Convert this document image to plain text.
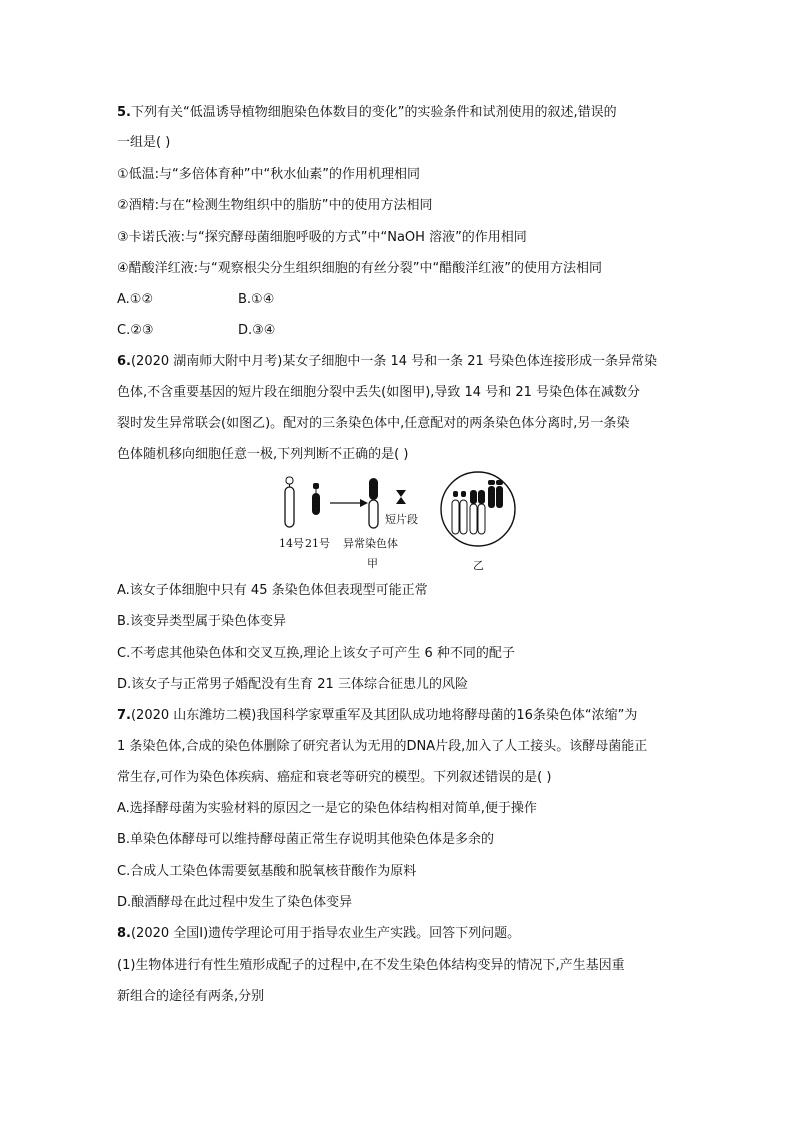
5.下列有关“低温诱导植物细胞染色体数目的变化”的实验条件和试剂使用的叙述,错误的
一组是( )
①低温:与“多倍体育种”中“秋水仙素”的作用机理相同
②酒精:与在“检测生物组织中的脂肪”中的使用方法相同
③卡诺氏液:与“探究酵母菌细胞呼吸的方式”中“NaOH 溶液”的作用相同
④醋酸洋红液:与“观察根尖分生组织细胞的有丝分裂”中“醋酸洋红液”的使用方法相同
A.①②	B.①④
C.②③	D.③④
6.(2020 湖南师大附中月考)某女子细胞中一条 14 号和一条 21 号染色体连接形成一条异常染
色体,不含重要基因的短片段在细胞分裂中丢失(如图甲),导致 14 号和 21 号染色体在减数分
裂时发生异常联会(如图乙)。配对的三条染色体中,任意配对的两条染色体分离时,另一条染
色体随机移向细胞任意一极,下列判断不正确的是( )
14号 21号 异常染色体
短片段
甲	乙
A.该女子体细胞中只有 45 条染色体但表现型可能正常
B.该变异类型属于染色体变异
C.不考虑其他染色体和交叉互换,理论上该女子可产生 6 种不同的配子
D.该女子与正常男子婚配没有生育 21 三体综合征患儿的风险
7.(2020 山东潍坊二模)我国科学家覃重军及其团队成功地将酵母菌的16条染色体“浓缩”为
1 条染色体,合成的染色体删除了研究者认为无用的DNA片段,加入了人工接头。该酵母菌能正
常生存,可作为染色体疾病、癌症和衰老等研究的模型。下列叙述错误的是( )
A.选择酵母菌为实验材料的原因之一是它的染色体结构相对简单,便于操作
B.单染色体酵母可以维持酵母菌正常生存说明其他染色体是多余的
C.合成人工染色体需要氨基酸和脱氧核苷酸作为原料
D.酿酒酵母在此过程中发生了染色体变异
8.(2020 全国Ⅰ)遗传学理论可用于指导农业生产实践。回答下列问题。
(1)生物体进行有性生殖形成配子的过程中,在不发生染色体结构变异的情况下,产生基因重
新组合的途径有两条,分别
